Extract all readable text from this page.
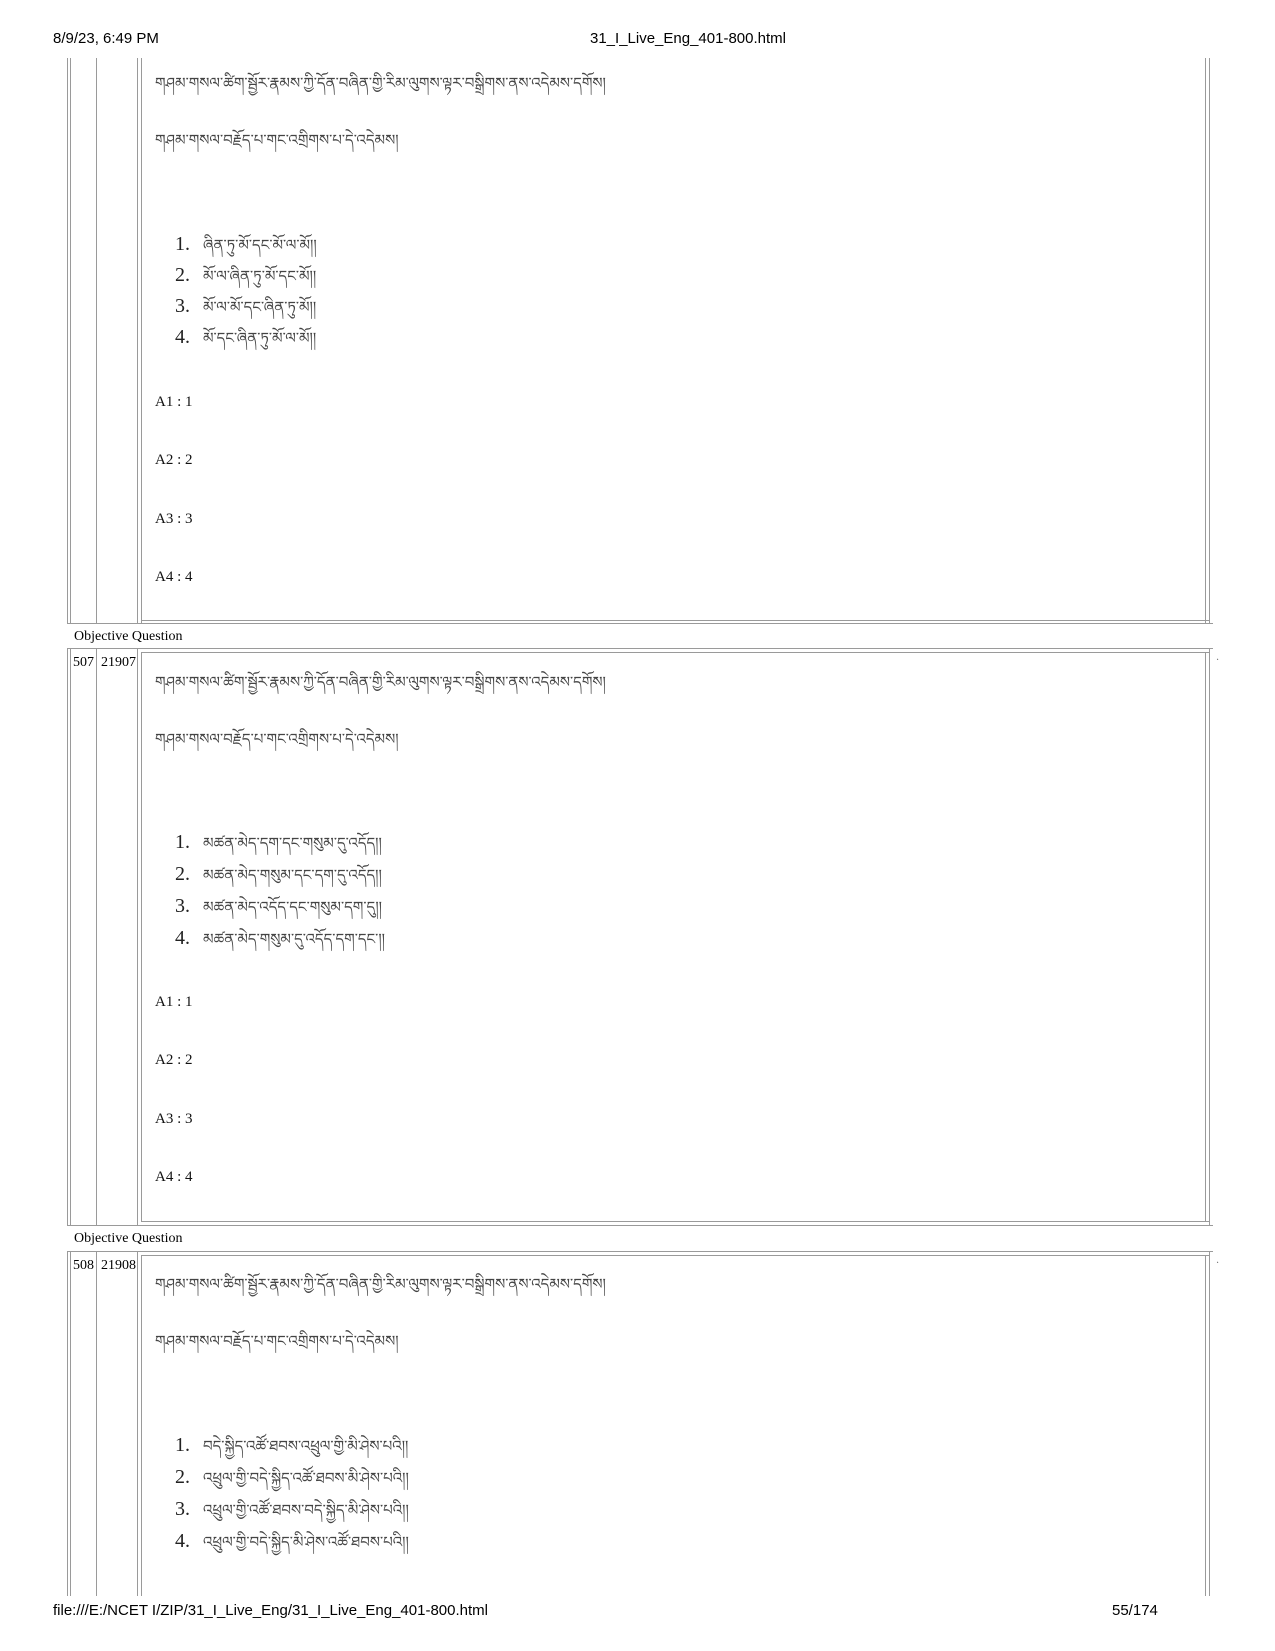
8/9/23, 6:49 PM	31_I_Live_Eng_401-800.html
file:///E:/NCET I/ZIP/31_I_Live_Eng/31_I_Live_Eng_401-800.html	55/174
གཤམ་གསལ་ཚིག་སྦྱོར་རྣམས་ཀྱི་དོན་བཞིན་གྱི་རིམ་ལུགས་ལྟར་བསྒྲིགས་ནས་འདེམས་དགོས།
གཤམ་གསལ་བརྗོད་པ་གང་འགྲིགས་པ་དེ་འདེམས།
1. ཞིན་ཏུ་མོ་དང་མོ་ལ་མོ།།
2. མོ་ལ་ཞིན་ཏུ་མོ་དང་མོ།།
3. མོ་ལ་མོ་དང་ཞིན་ཏུ་མོ།།
4. མོ་དང་ཞིན་ཏུ་མོ་ལ་མོ།།
A1 : 1
A2 : 2
A3 : 3
A4 : 4
Objective Question
507 21907	·
གཤམ་གསལ་ཚིག་སྦྱོར་རྣམས་ཀྱི་དོན་བཞིན་གྱི་རིམ་ལུགས་ལྟར་བསྒྲིགས་ནས་འདེམས་དགོས།
གཤམ་གསལ་བརྗོད་པ་གང་འགྲིགས་པ་དེ་འདེམས།
1. མཚན་མེད་དག་དང་གསུམ་དུ་འདོད།།
2. མཚན་མེད་གསུམ་དང་དག་དུ་འདོད།།
3. མཚན་མེད་འདོད་དང་གསུམ་དག་དུ།།
4. མཚན་མེད་གསུམ་དུ་འདོད་དག་དང་།།
A1 : 1
A2 : 2
A3 : 3
A4 : 4
Objective Question
508 21908	·
གཤམ་གསལ་ཚིག་སྦྱོར་རྣམས་ཀྱི་དོན་བཞིན་གྱི་རིམ་ལུགས་ལྟར་བསྒྲིགས་ནས་འདེམས་དགོས།
གཤམ་གསལ་བརྗོད་པ་གང་འགྲིགས་པ་དེ་འདེམས།
1. བདེ་སྐྱིད་འཚོ་ཐབས་འཕྲུལ་གྱི་མི་ཤེས་པའི།།
2. འཕྲུལ་གྱི་བདེ་སྐྱིད་འཚོ་ཐབས་མི་ཤེས་པའི།།
3. འཕྲུལ་གྱི་འཚོ་ཐབས་བདེ་སྐྱིད་མི་ཤེས་པའི།།
4. འཕྲུལ་གྱི་བདེ་སྐྱིད་མི་ཤེས་འཚོ་ཐབས་པའི།།
